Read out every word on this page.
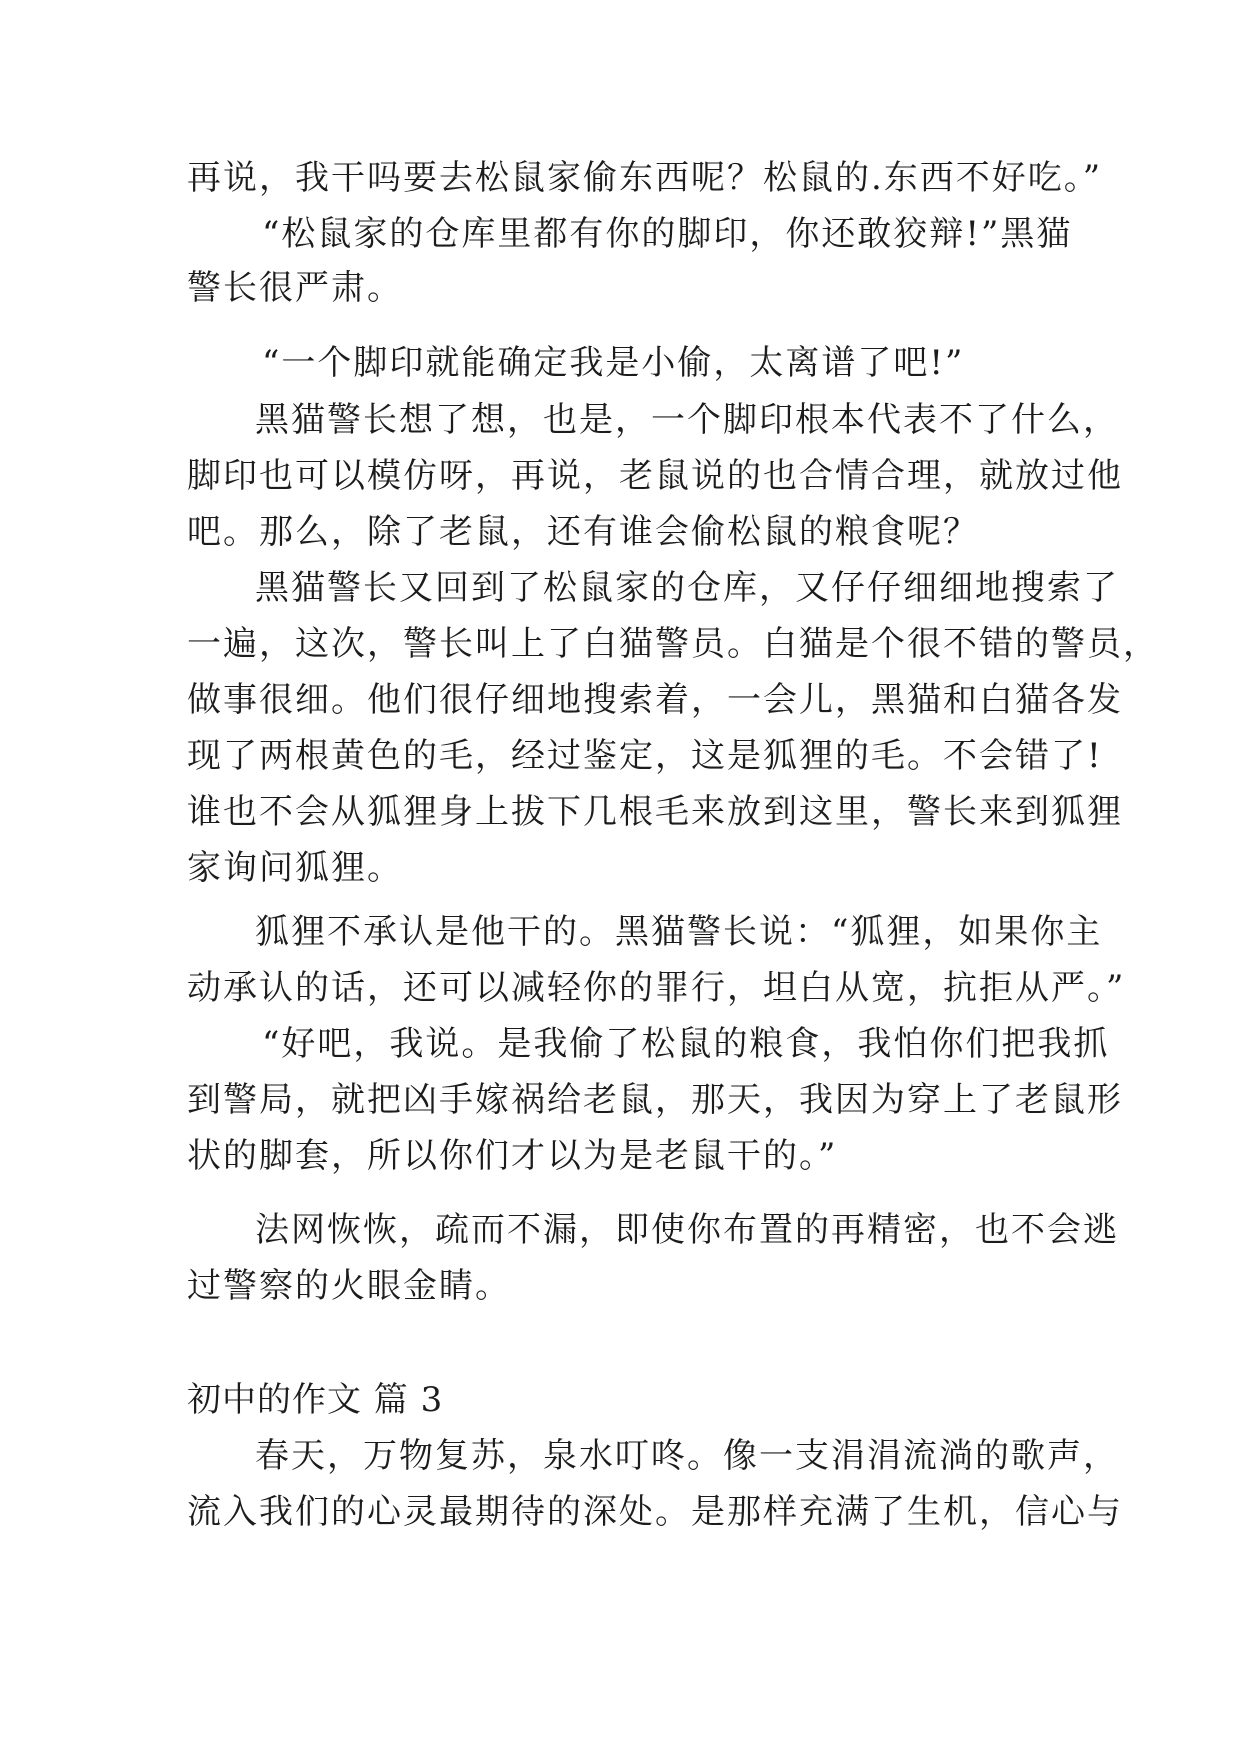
再说，我干吗要去松鼠家偷东西呢？松鼠的.东西不好吃。”
“松鼠家的仓库里都有你的脚印，你还敢狡辩!”黑猫
警长很严肃。
“一个脚印就能确定我是小偷，太离谱了吧!”
黑猫警长想了想，也是，一个脚印根本代表不了什么，
脚印也可以模仿呀，再说，老鼠说的也合情合理，就放过他
吧。那么，除了老鼠，还有谁会偷松鼠的粮食呢？
黑猫警长又回到了松鼠家的仓库，又仔仔细细地搜索了
一遍，这次，警长叫上了白猫警员。白猫是个很不错的警员，
做事很细。他们很仔细地搜索着，一会儿，黑猫和白猫各发
现了两根黄色的毛，经过鉴定，这是狐狸的毛。不会错了!
谁也不会从狐狸身上拔下几根毛来放到这里，警长来到狐狸
家询问狐狸。
狐狸不承认是他干的。黑猫警长说：“狐狸，如果你主
动承认的话，还可以减轻你的罪行，坦白从宽，抗拒从严。”
“好吧，我说。是我偷了松鼠的粮食，我怕你们把我抓
到警局，就把凶手嫁祸给老鼠，那天，我因为穿上了老鼠形
状的脚套，所以你们才以为是老鼠干的。”
法网恢恢，疏而不漏，即使你布置的再精密，也不会逃
过警察的火眼金睛。
初中的作文 篇 3
春天，万物复苏，泉水叮咚。像一支涓涓流淌的歌声，
流入我们的心灵最期待的深处。是那样充满了生机，信心与
